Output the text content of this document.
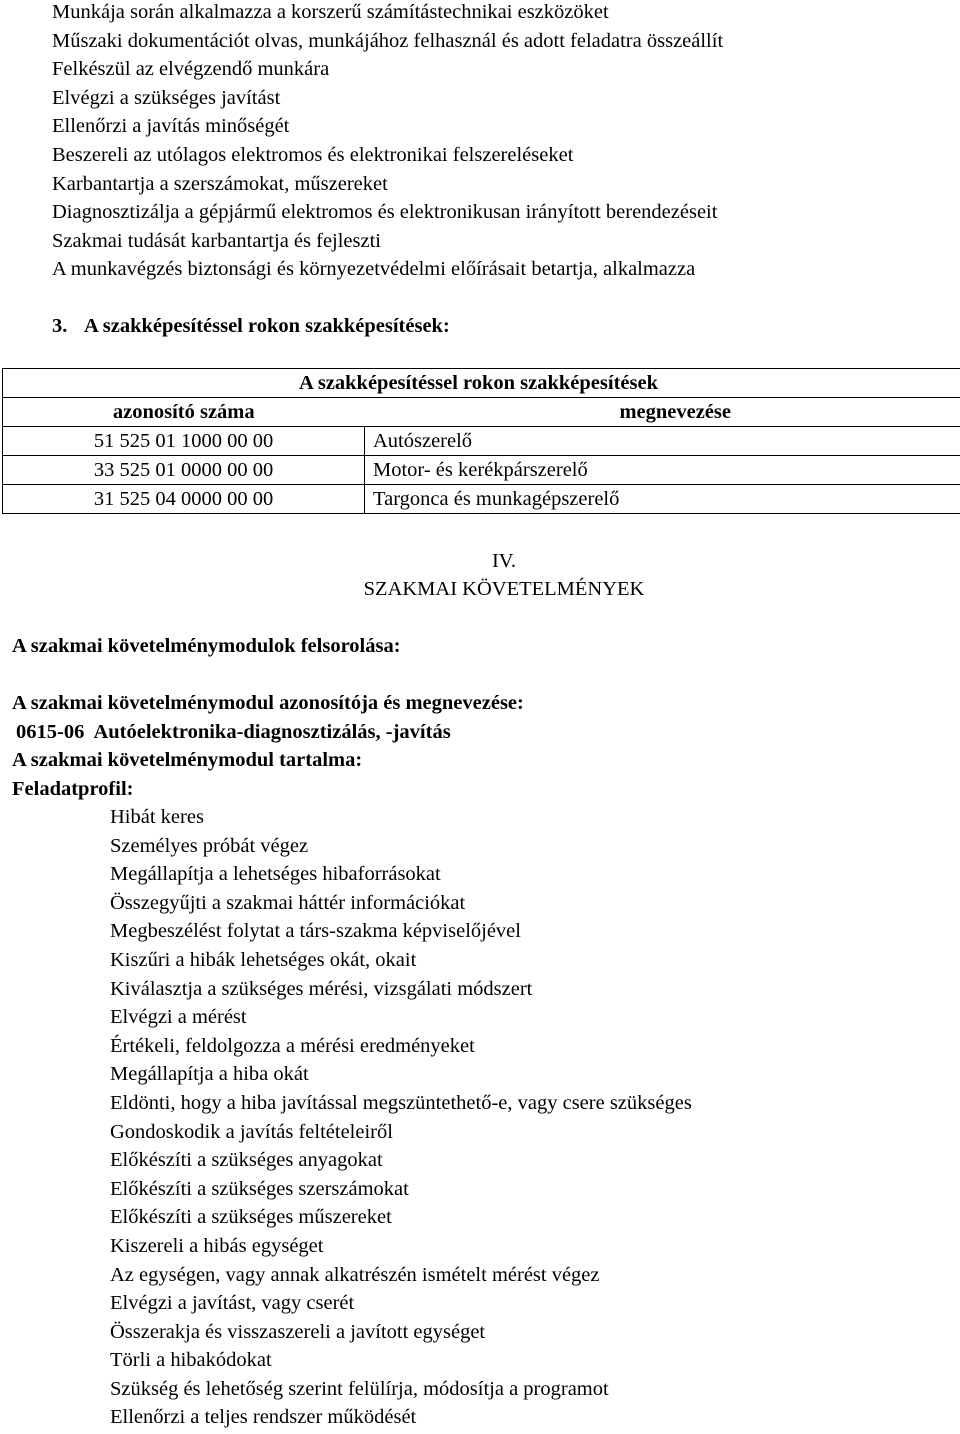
Munkája során alkalmazza a korszerű számítástechnikai eszközöket
Műszaki dokumentációt olvas, munkájához felhasznál és adott feladatra összeállít
Felkészül az elvégzendő munkára
Elvégzi a szükséges javítást
Ellenőrzi a javítás minőségét
Beszereli az utólagos elektromos és elektronikai felszereléseket
Karbantartja a szerszámokat, műszereket
Diagnosztizálja a gépjármű elektromos és elektronikusan irányított berendezéseit
Szakmai tudását karbantartja és fejleszti
A munkavégzés biztonsági és környezetvédelmi előírásait betartja, alkalmazza
3. A szakképesítéssel rokon szakképesítések:
A szakképesítéssel rokon szakképesítések	
azonosító száma	megnevezése
51 525 01 1000 00 00	Autószerelő
33 525 01 0000 00 00	Motor- és kerékpárszerelő
31 525 04 0000 00 00	Targonca és munkagépszerelő
IV.
SZAKMAI KÖVETELMÉNYEK
A szakmai követelménymodulok felsorolása:
A szakmai követelménymodul azonosítója és megnevezése:
0615-06  Autóelektronika-diagnosztizálás, -javítás
A szakmai követelménymodul tartalma:
Feladatprofil:
Hibát keres
Személyes próbát végez
Megállapítja a lehetséges hibaforrásokat
Összegyűjti a szakmai háttér információkat
Megbeszélést folytat a társ-szakma képviselőjével
Kiszűri a hibák lehetséges okát, okait
Kiválasztja a szükséges mérési, vizsgálati módszert
Elvégzi a mérést
Értékeli, feldolgozza a mérési eredményeket
Megállapítja a hiba okát
Eldönti, hogy a hiba javítással megszüntethető-e, vagy csere szükséges
Gondoskodik a javítás feltételeiről
Előkészíti a szükséges anyagokat
Előkészíti a szükséges szerszámokat
Előkészíti a szükséges műszereket
Kiszereli a hibás egységet
Az egységen, vagy annak alkatrészén ismételt mérést végez
Elvégzi a javítást, vagy cserét
Összerakja és visszaszereli a javított egységet
Törli a hibakódokat
Szükség és lehetőség szerint felülírja, módosítja a programot
Ellenőrzi a teljes rendszer működését
